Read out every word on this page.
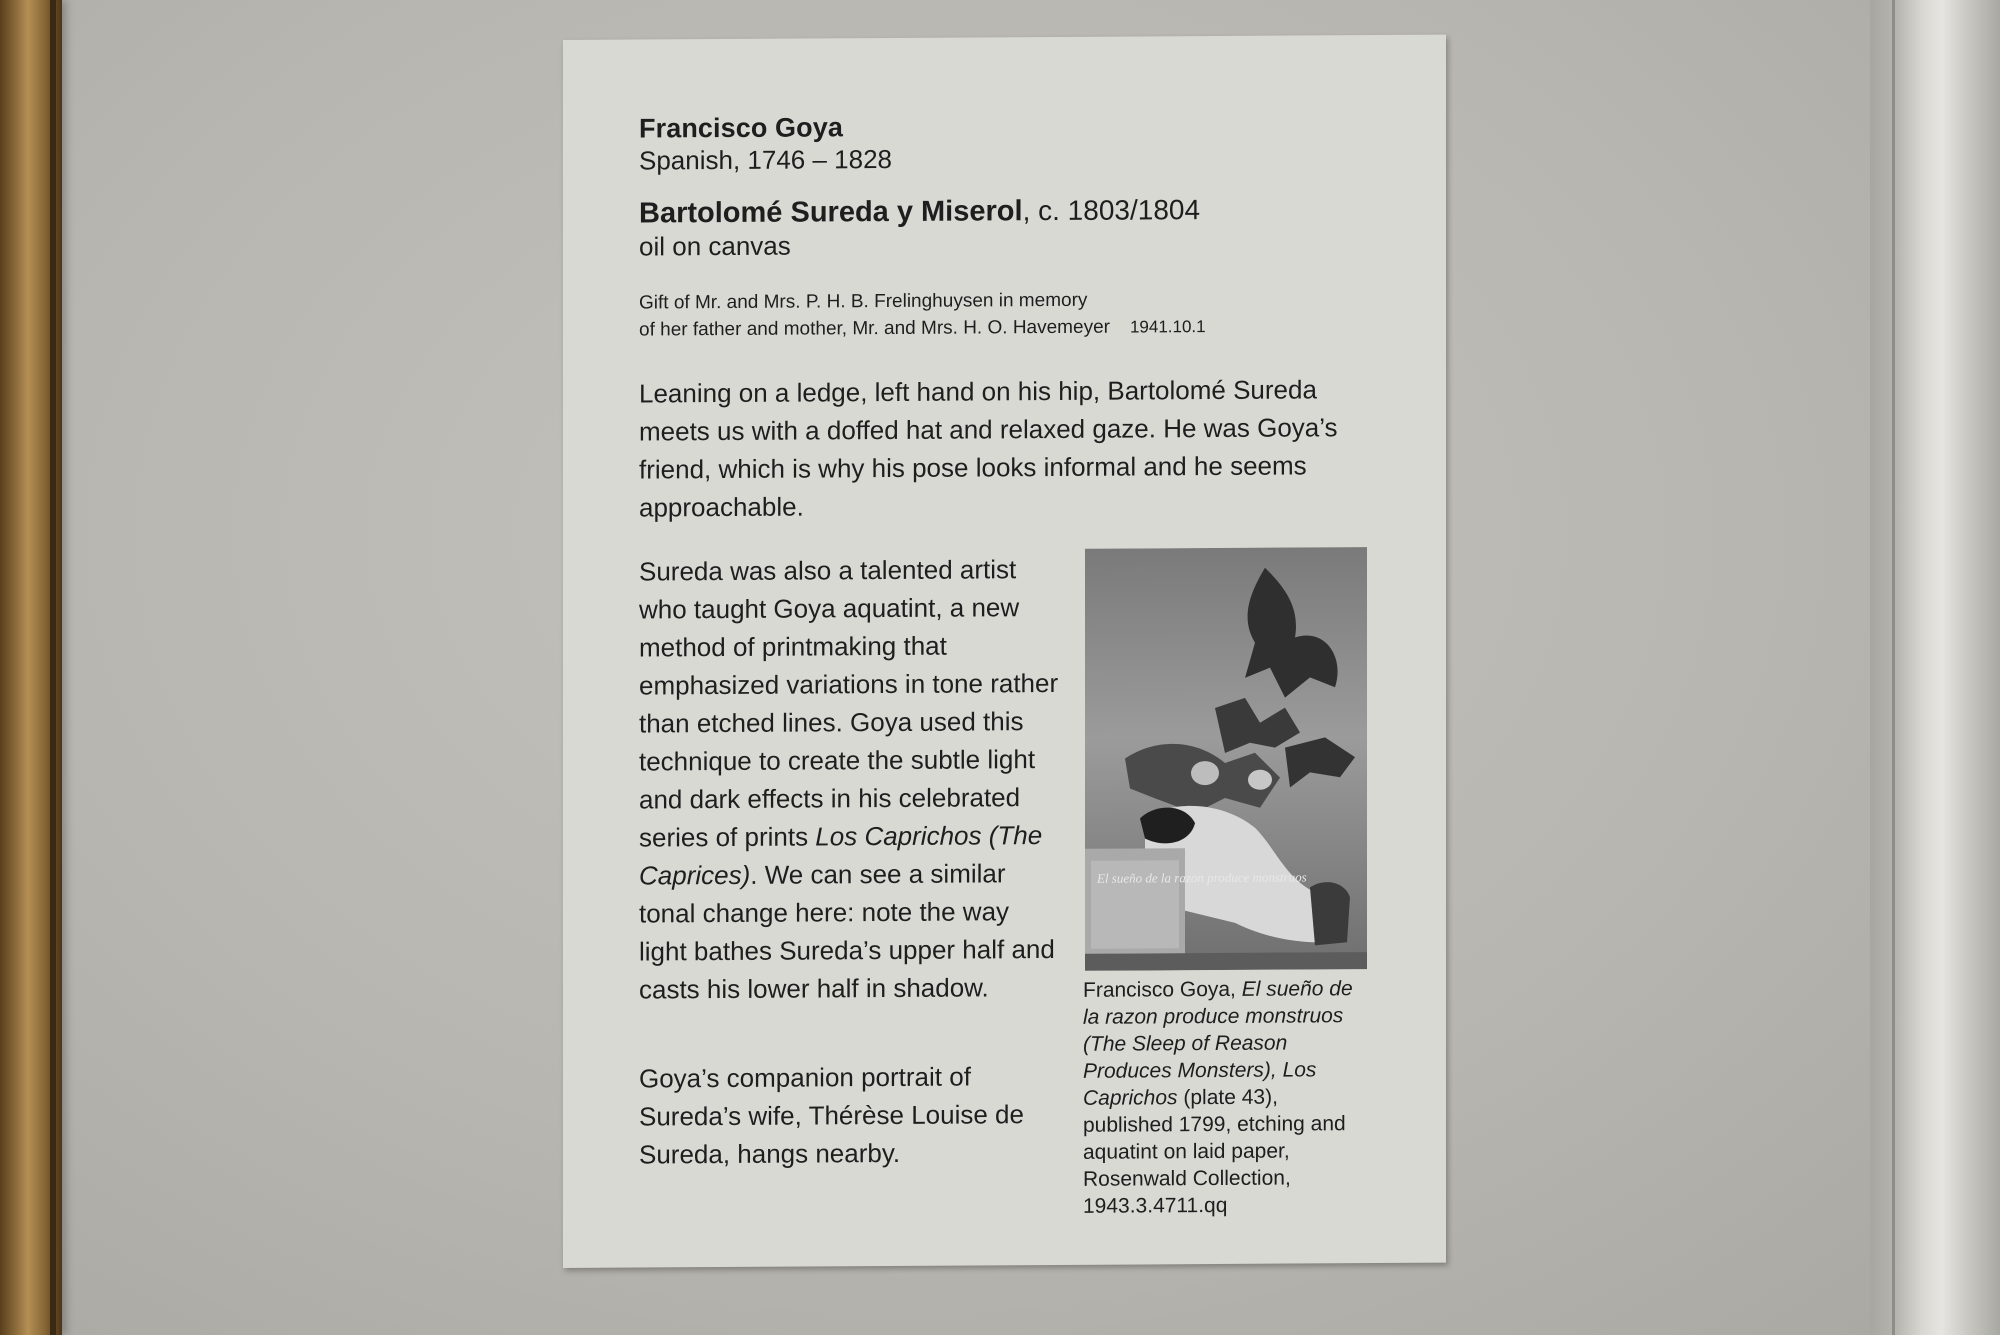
Francisco Goya
Spanish, 1746 – 1828
Bartolomé Sureda y Miserol, c. 1803/1804
oil on canvas
Gift of Mr. and Mrs. P. H. B. Frelinghuysen in memory
of her father and mother, Mr. and Mrs. H. O. Havemeyer 1941.10.1

Leaning on a ledge, left hand on his hip, Bartolomé Sureda meets us with a doffed hat and relaxed gaze. He was Goya’s friend, which is why his pose looks informal and he seems approachable.

Sureda was also a talented artist who taught Goya aquatint, a new method of printmaking that emphasized variations in tone rather than etched lines. Goya used this technique to create the subtle light and dark effects in his celebrated series of prints Los Caprichos (The Caprices). We can see a similar tonal change here: note the way light bathes Sureda’s upper half and casts his lower half in shadow.

Goya’s companion portrait of Sureda’s wife, Thérèse Louise de Sureda, hangs nearby.

El sueño de la razon produce monstruos
Francisco Goya, El sueño de la razon produce monstruos (The Sleep of Reason Produces Monsters), Los Caprichos (plate 43), published 1799, etching and aquatint on laid paper, Rosenwald Collection, 1943.3.4711.qq
